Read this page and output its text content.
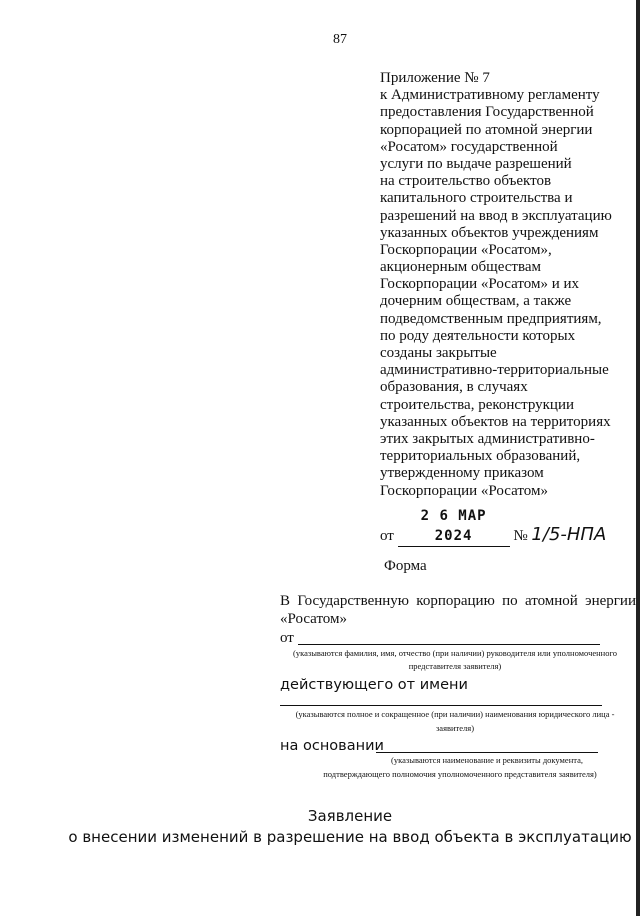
87
Приложение № 7
к Административному регламенту
предоставления Государственной
корпорацией по атомной энергии
«Росатом» государственной
услуги по выдаче разрешений
на строительство объектов
капитального строительства и
разрешений на ввод в эксплуатацию
указанных объектов учреждениям
Госкорпорации «Росатом»,
акционерным обществам
Госкорпорации «Росатом» и их
дочерним обществам, а также
подведомственным предприятиям,
по роду деятельности которых
созданы закрытые
административно-территориальные
образования, в случаях
строительства, реконструкции
указанных объектов на территориях
этих закрытых административно-
территориальных образований,
утвержденному приказом
Госкорпорации «Росатом»
от 2 6 MAP 2024	№ 1/5-НПА
Форма
В Государственную корпорацию по атомной энергии «Росатом»
от
(указываются фамилия, имя, отчество (при наличии) руководителя или уполномоченного
представителя заявителя)
действующего от имени
(указываются полное и сокращенное (при наличии) наименования юридического лица -
заявителя)
на основании
(указываются наименование и реквизиты документа,
подтверждающего полномочия уполномоченного представителя заявителя)
Заявление
о внесении изменений в разрешение на ввод объекта в эксплуатацию
